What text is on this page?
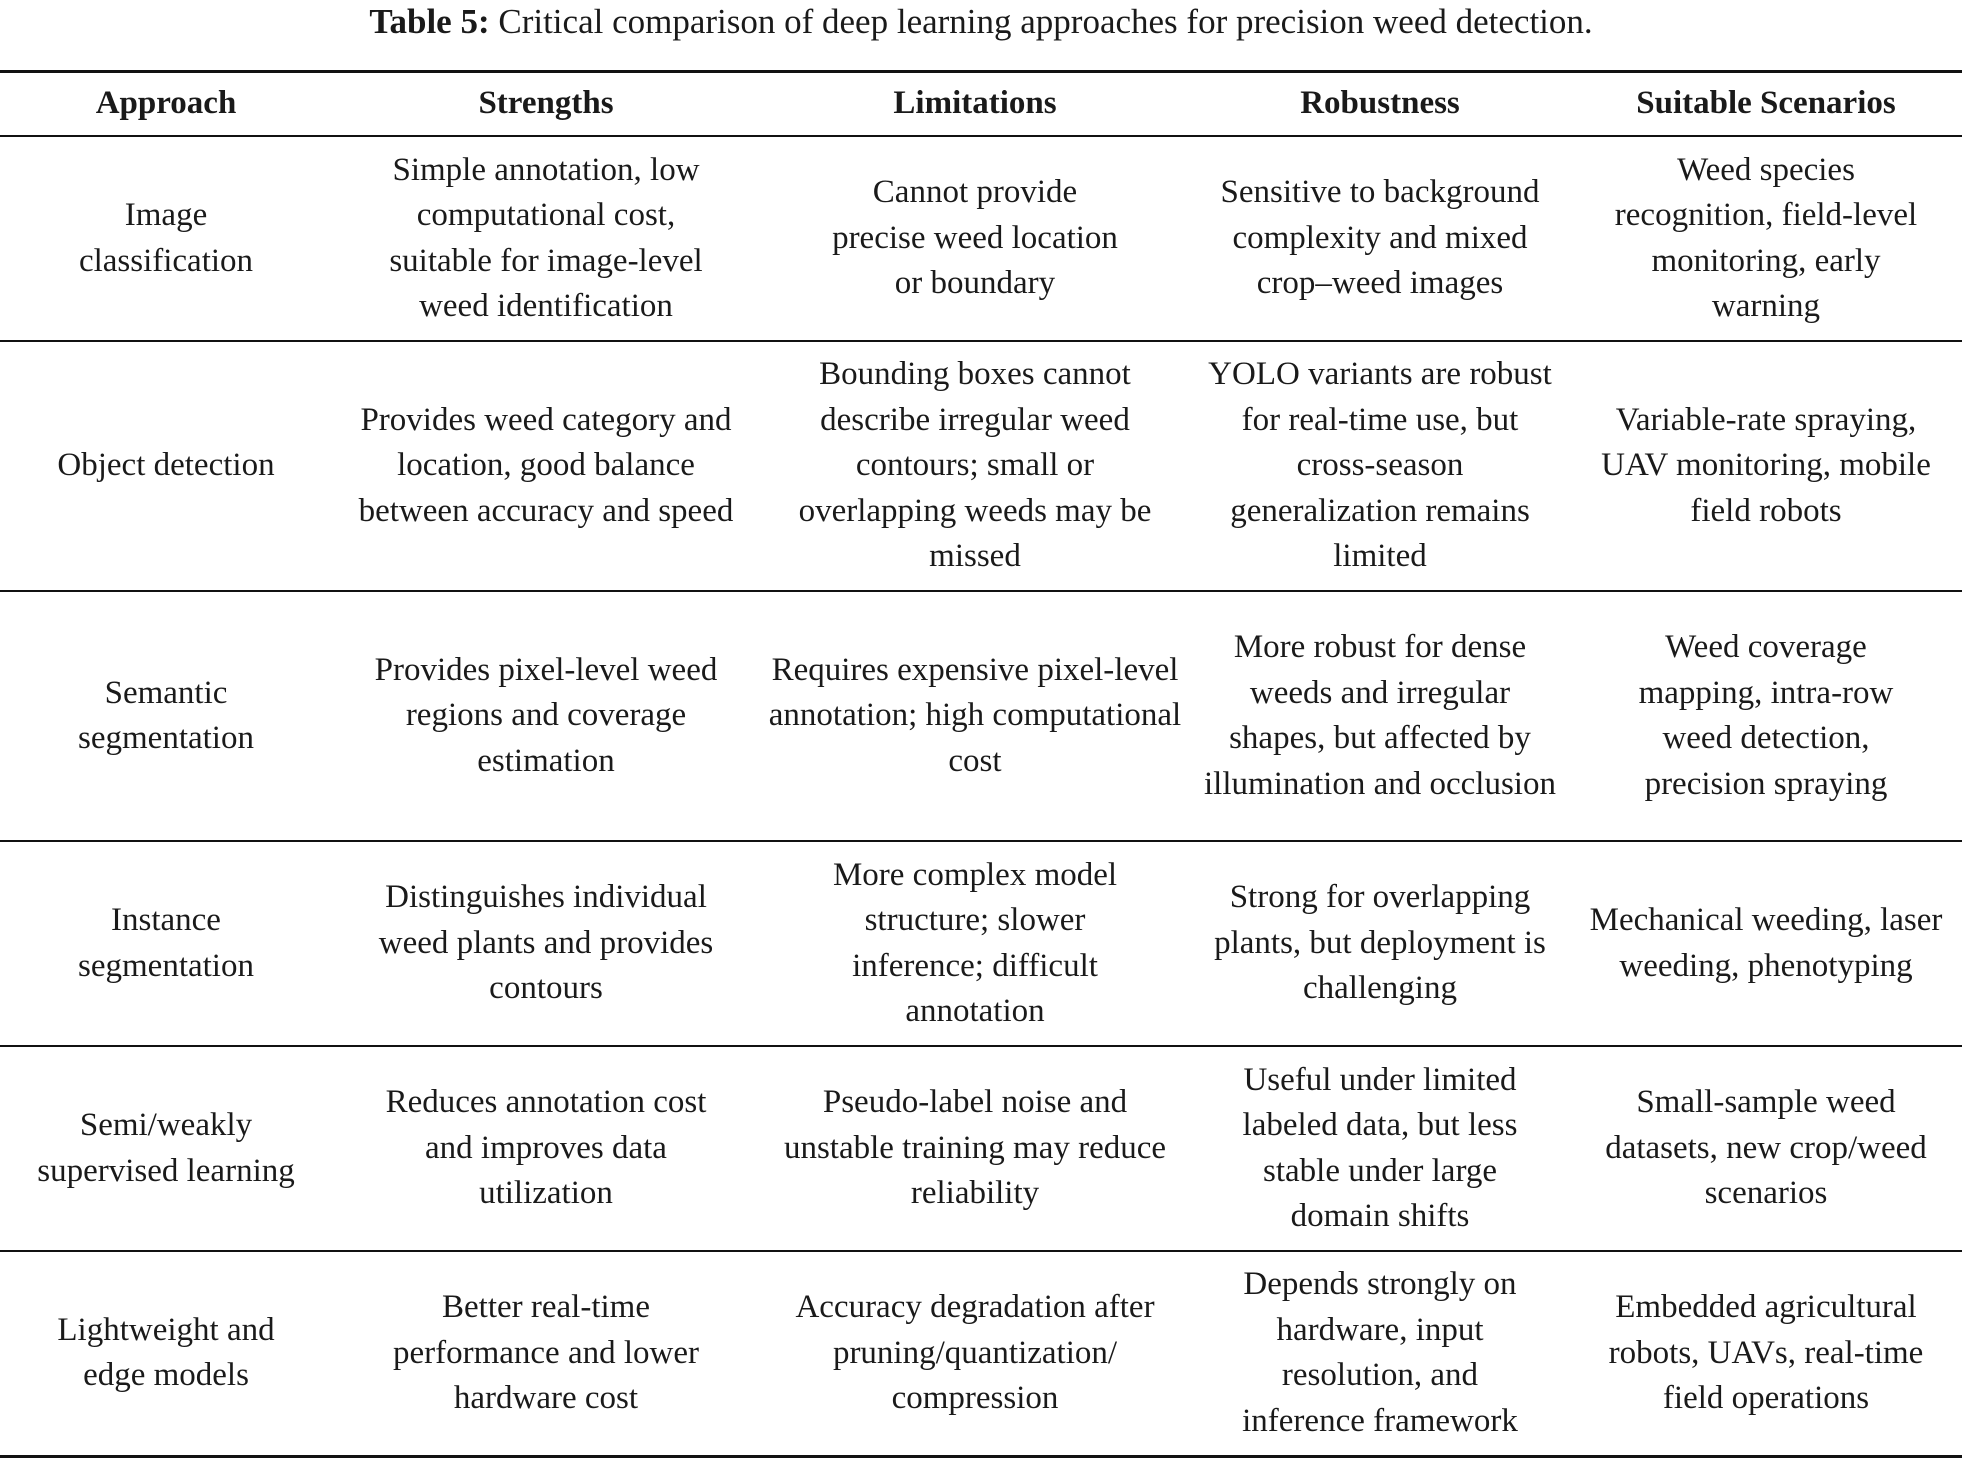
Table 5: Critical comparison of deep learning approaches for precision weed detection.
Approach	Strengths	Limitations	Robustness	Suitable Scenarios
Image classification	Simple annotation, low computational cost, suitable for image-level weed identification	Cannot provide precise weed location or boundary	Sensitive to background complexity and mixed crop–weed images	Weed species recognition, field-level monitoring, early warning
Object detection	Provides weed category and location, good balance between accuracy and speed	Bounding boxes cannot describe irregular weed contours; small or overlapping weeds may be missed	YOLO variants are robust for real-time use, but cross-season generalization remains limited	Variable-rate spraying, UAV monitoring, mobile field robots
Semantic segmentation	Provides pixel-level weed regions and coverage estimation	Requires expensive pixel-level annotation; high computational cost	More robust for dense weeds and irregular shapes, but affected by illumination and occlusion	Weed coverage mapping, intra-row weed detection, precision spraying
Instance segmentation	Distinguishes individual weed plants and provides contours	More complex model structure; slower inference; difficult annotation	Strong for overlapping plants, but deployment is challenging	Mechanical weeding, laser weeding, phenotyping
Semi/weakly supervised learning	Reduces annotation cost and improves data utilization	Pseudo-label noise and unstable training may reduce reliability	Useful under limited labeled data, but less stable under large domain shifts	Small-sample weed datasets, new crop/weed scenarios
Lightweight and edge models	Better real-time performance and lower hardware cost	Accuracy degradation after pruning/quantization/ compression	Depends strongly on hardware, input resolution, and inference framework	Embedded agricultural robots, UAVs, real-time field operations
